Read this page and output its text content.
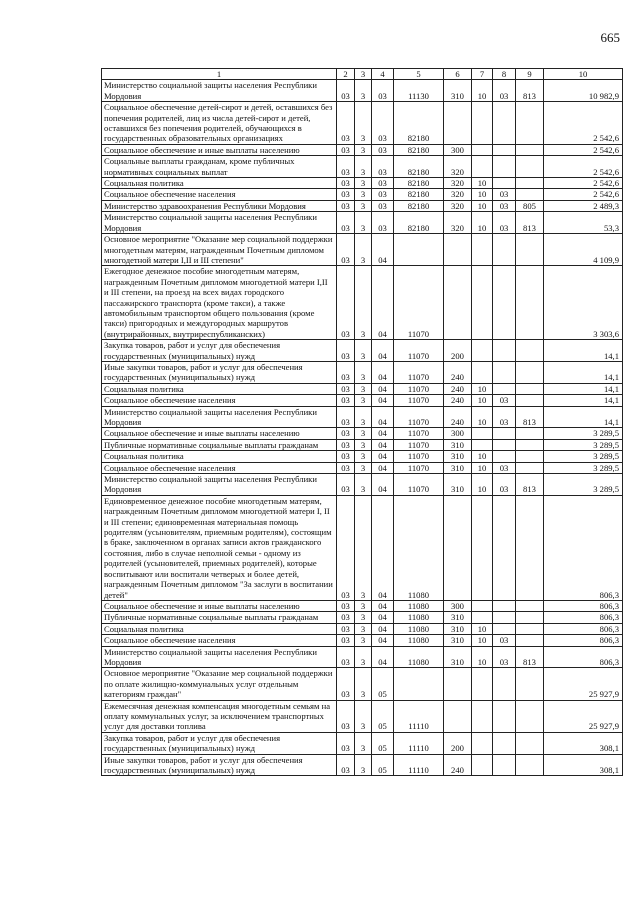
665
1	2	3	4	5	6	7	8	9	10
Министерство социальной защиты населения Республики Мордовия	03	3	03	11130	310	10	03	813	10 982,9
Социальное обеспечение детей-сирот и детей, оставшихся без попечения родителей, лиц из числа детей-сирот и детей, оставшихся без попечения родителей, обучающихся в государственных образовательных организациях	03	3	03	82180					2 542,6
Социальное обеспечение и иные выплаты населению	03	3	03	82180	300				2 542,6
Социальные выплаты гражданам, кроме публичных нормативных социальных выплат	03	3	03	82180	320				2 542,6
Социальная политика	03	3	03	82180	320	10			2 542,6
Социальное обеспечение населения	03	3	03	82180	320	10	03		2 542,6
Министерство здравоохранения Республики Мордовия	03	3	03	82180	320	10	03	805	2 489,3
Министерство социальной защиты населения Республики Мордовия	03	3	03	82180	320	10	03	813	53,3
Основное мероприятие "Оказание мер социальной поддержки многодетным матерям, награжденным Почетным дипломом многодетной матери I,II и III степени"	03	3	04						4 109,9
Ежегодное денежное пособие многодетным матерям, награжденным Почетным дипломом многодетной матери I,II и III степени, на проезд на всех видах городского пассажирского транспорта (кроме такси), а также автомобильным транспортом общего пользования (кроме такси) пригородных и междугородных маршрутов (внутрирайонных, внутриреспубликанских)	03	3	04	11070					3 303,6
Закупка товаров, работ и услуг для обеспечения государственных (муниципальных) нужд	03	3	04	11070	200				14,1
Иные закупки товаров, работ и услуг для обеспечения государственных (муниципальных) нужд	03	3	04	11070	240				14,1
Социальная политика	03	3	04	11070	240	10			14,1
Социальное обеспечение населения	03	3	04	11070	240	10	03		14,1
Министерство социальной защиты населения Республики Мордовия	03	3	04	11070	240	10	03	813	14,1
Социальное обеспечение и иные выплаты населению	03	3	04	11070	300				3 289,5
Публичные нормативные социальные выплаты гражданам	03	3	04	11070	310				3 289,5
Социальная политика	03	3	04	11070	310	10			3 289,5
Социальное обеспечение населения	03	3	04	11070	310	10	03		3 289,5
Министерство социальной защиты населения Республики Мордовия	03	3	04	11070	310	10	03	813	3 289,5
Единовременное денежное пособие многодетным матерям, награжденным Почетным дипломом многодетной матери I, II и III степени; единовременная материальная помощь родителям (усыновителям, приемным родителям), состоящим в браке, заключенном в органах записи актов гражданского состояния, либо в случае неполной семьи - одному из родителей (усыновителей, приемных родителей), которые воспитывают или воспитали четверых и более детей, награжденным Почетным дипломом "За заслуги в воспитании детей"	03	3	04	11080					806,3
Социальное обеспечение и иные выплаты населению	03	3	04	11080	300				806,3
Публичные нормативные социальные выплаты гражданам	03	3	04	11080	310				806,3
Социальная политика	03	3	04	11080	310	10			806,3
Социальное обеспечение населения	03	3	04	11080	310	10	03		806,3
Министерство социальной защиты населения Республики Мордовия	03	3	04	11080	310	10	03	813	806,3
Основное мероприятие "Оказание мер социальной поддержки по оплате жилищно-коммунальных услуг отдельным категориям граждан"	03	3	05						25 927,9
Ежемесячная денежная компенсация многодетным семьям на оплату коммунальных услуг, за исключением транспортных услуг для доставки топлива	03	3	05	11110					25 927,9
Закупка товаров, работ и услуг для обеспечения государственных (муниципальных) нужд	03	3	05	11110	200				308,1
Иные закупки товаров, работ и услуг для обеспечения государственных (муниципальных) нужд	03	3	05	11110	240				308,1
